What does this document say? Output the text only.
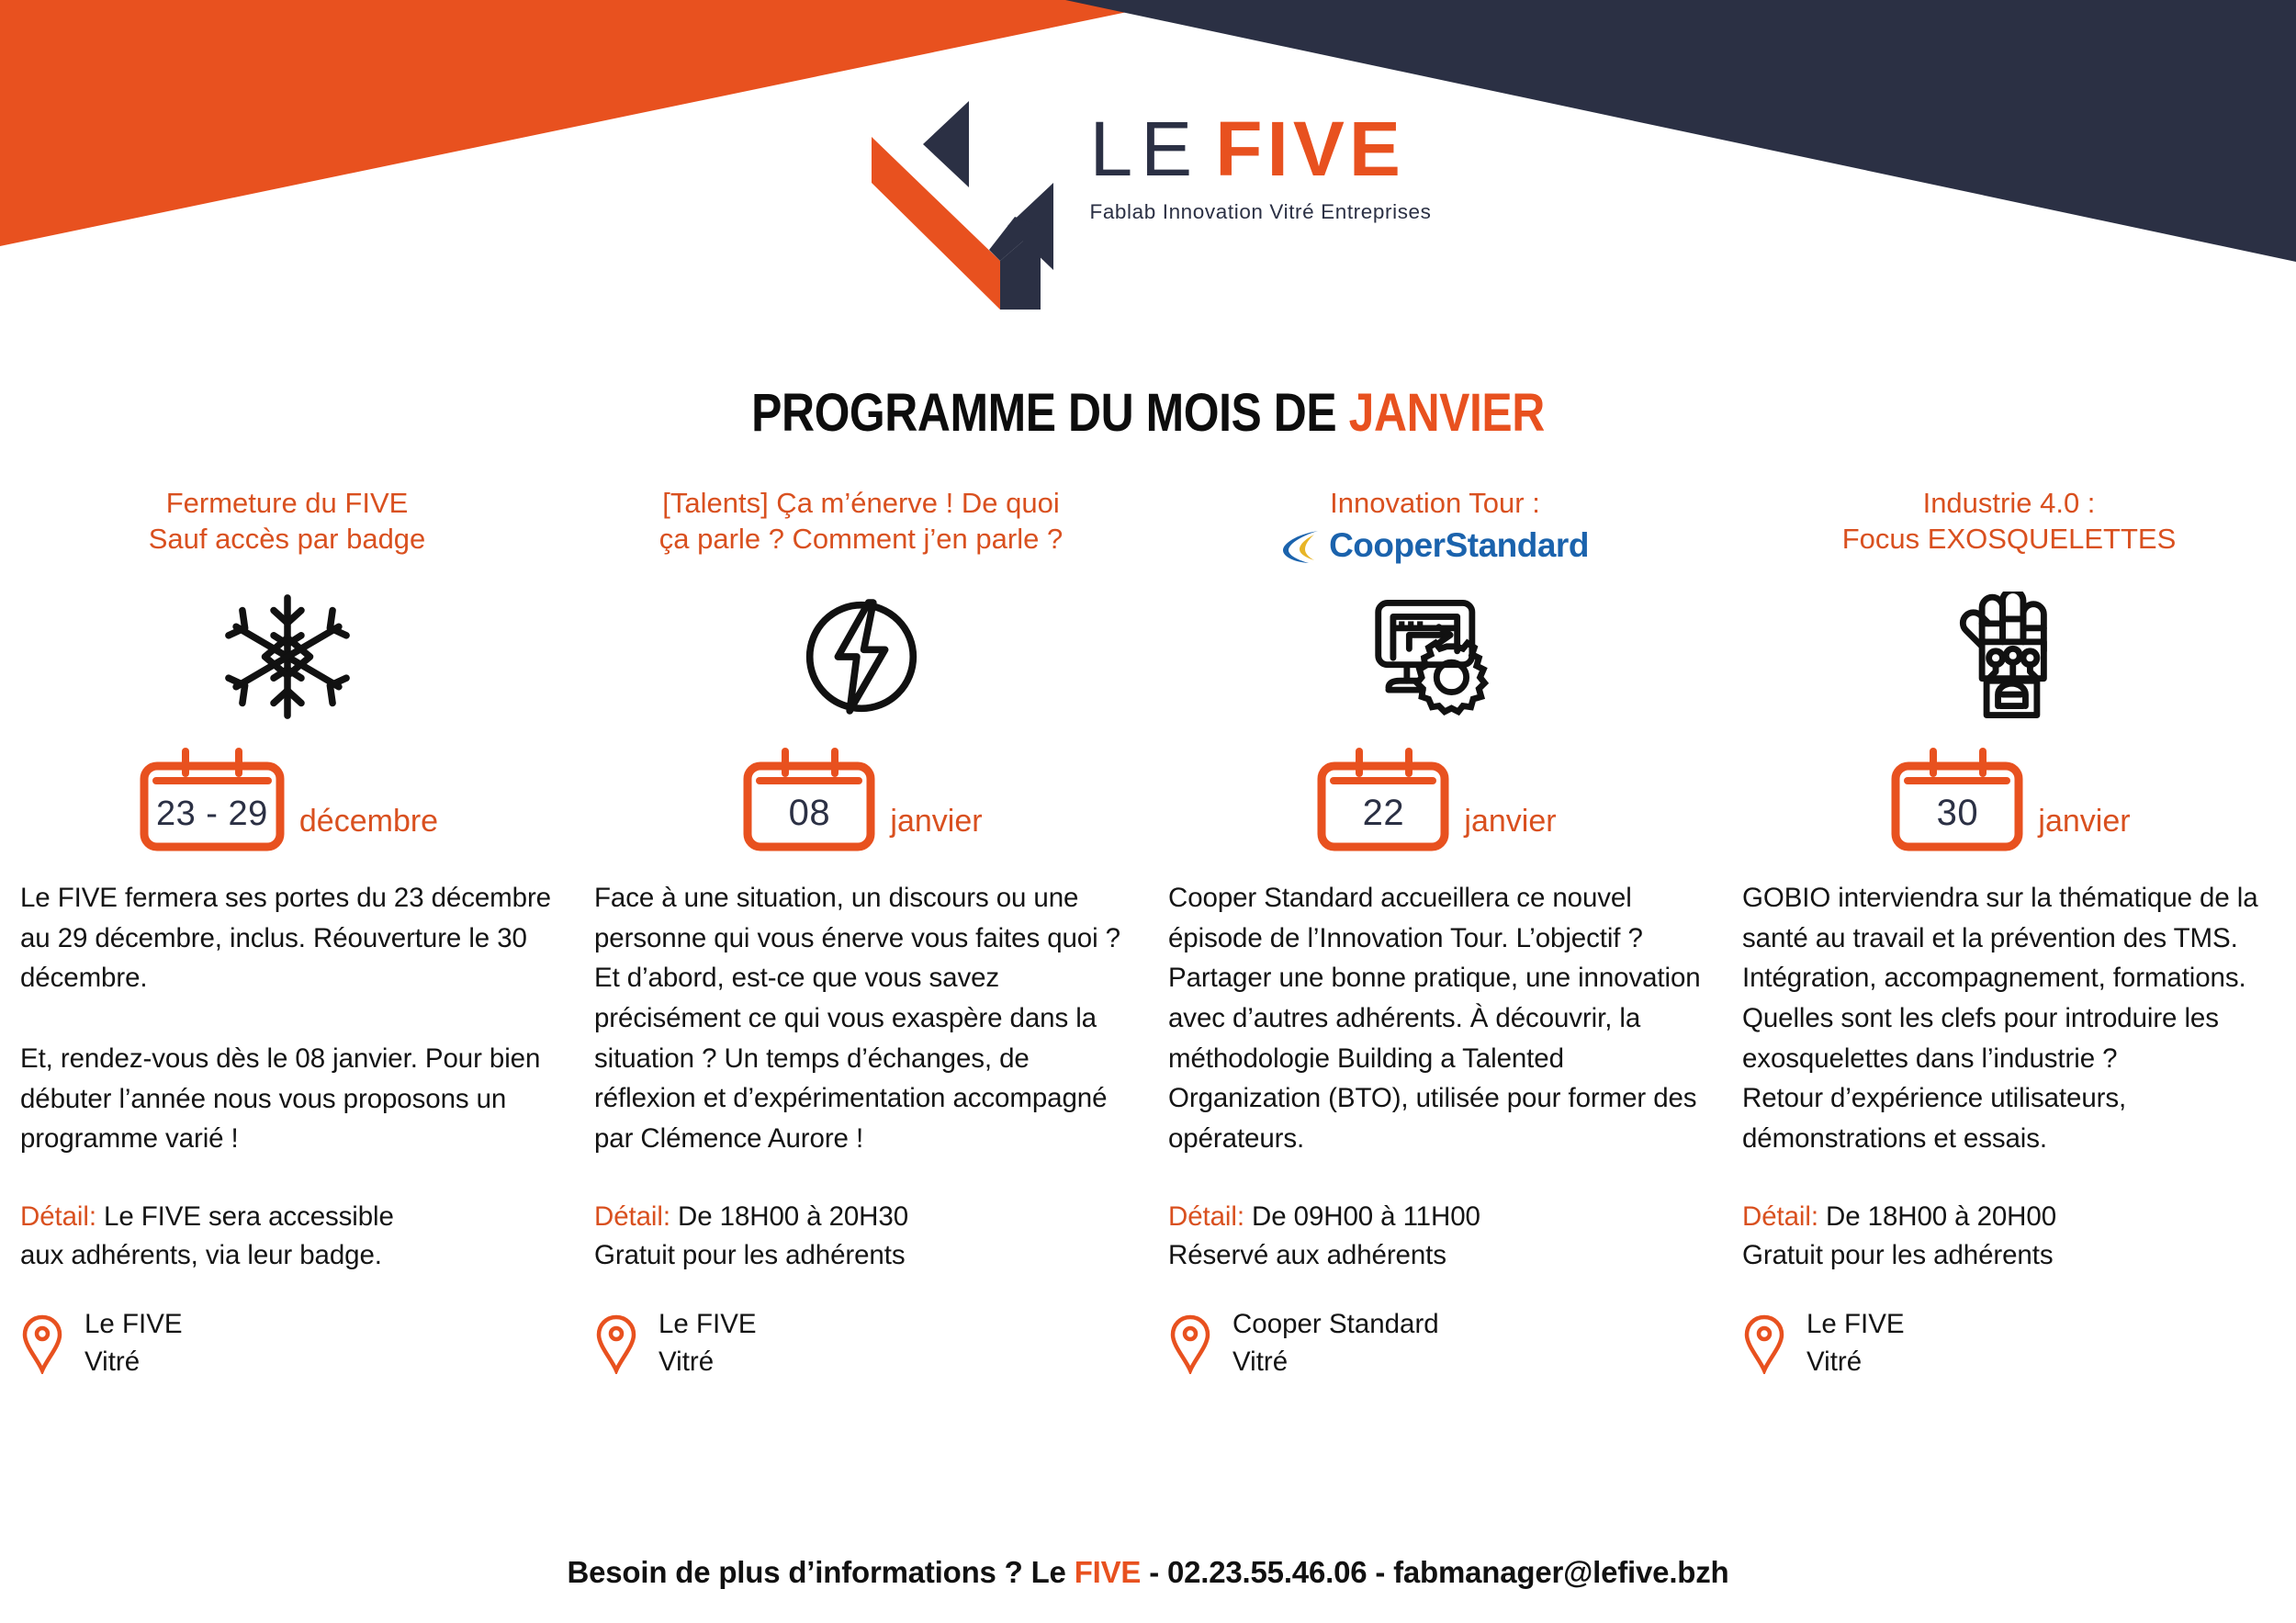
LE FIVE
Fablab Innovation Vitré Entreprises
PROGRAMME DU MOIS DE JANVIER
Fermeture du FIVE
Sauf accès par badge
23 - 29	décembre

Le FIVE fermera ses portes du 23 décembre au 29 décembre, inclus. Réouverture le 30 décembre.

Et, rendez-vous dès le 08 janvier. Pour bien débuter l’année nous vous proposons un programme varié !

Détail: Le FIVE sera accessible
aux adhérents, via leur badge.
Le FIVE
Vitré
[Talents] Ça m’énerve ! De quoi
ça parle ? Comment j’en parle ?
08	janvier

Face à une situation, un discours ou une personne qui vous énerve vous faites quoi ? Et d’abord, est-ce que vous savez précisément ce qui vous exaspère dans la situation ? Un temps d’échanges, de réflexion et d’expérimentation accompagné par Clémence Aurore !

Détail: De 18H00 à 20H30
Gratuit pour les adhérents
Le FIVE
Vitré
Innovation Tour :
CooperStandard
22	janvier

Cooper Standard accueillera ce nouvel épisode de l’Innovation Tour. L’objectif ? Partager une bonne pratique, une innovation avec d’autres adhérents. À découvrir, la méthodologie Building a Talented Organization (BTO), utilisée pour former des opérateurs.

Détail: De 09H00 à 11H00
Réservé aux adhérents
Cooper Standard
Vitré
Industrie 4.0 :
Focus EXOSQUELETTES
30	janvier

GOBIO interviendra sur la thématique de la santé au travail et la prévention des TMS. Intégration, accompagnement, formations. Quelles sont les clefs pour introduire les exosquelettes dans l’industrie ?

Retour d’expérience utilisateurs, démonstrations et essais.

Détail: De 18H00 à 20H00
Gratuit pour les adhérents
Le FIVE
Vitré
Besoin de plus d’informations ? Le FIVE - 02.23.55.46.06 - fabmanager@lefive.bzh
